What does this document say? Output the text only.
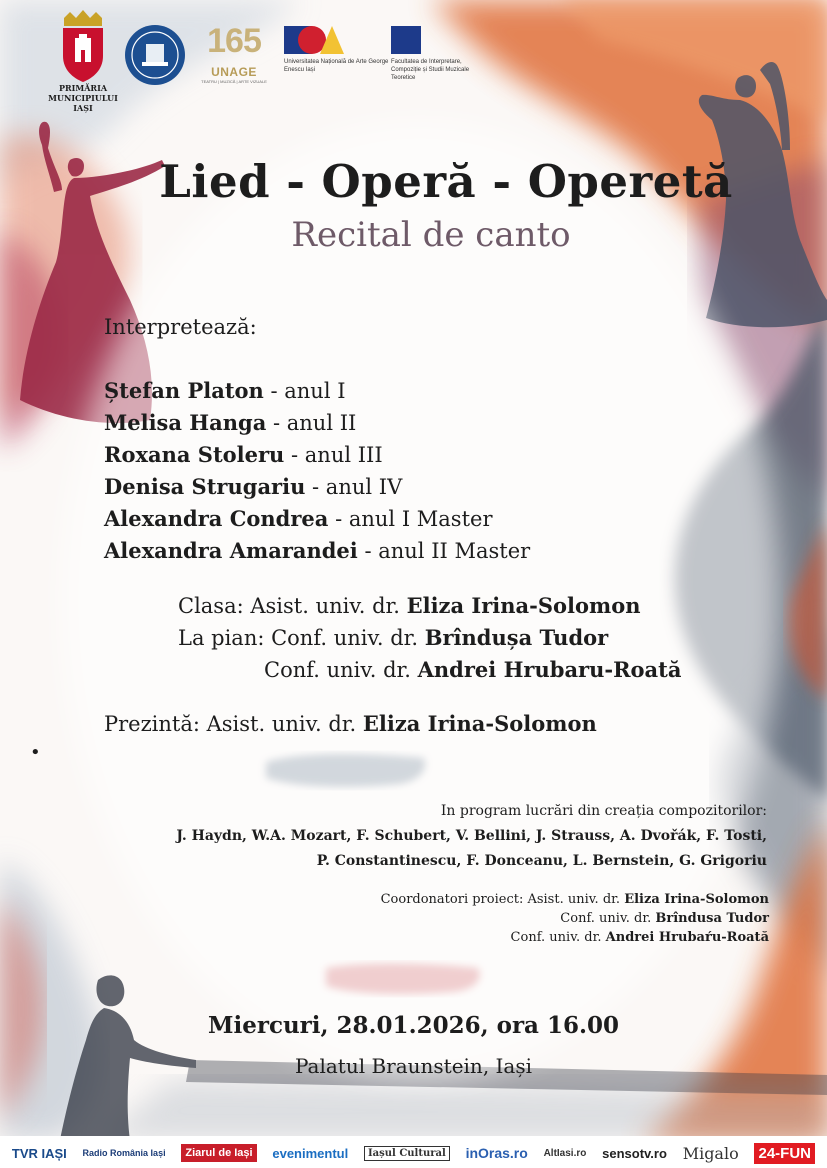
PRIMĂRIA MUNICIPIULUI IAȘI
165
UNAGE
TEATRU | MUZICĂ | ARTE VIZUALE
Universitatea Națională de Arte George Enescu Iași
Facultatea de Interpretare, Compoziție și Studii Muzicale Teoretice
Lied - Operă - Operetă
Recital de canto
Interpretează:
Ștefan Platon - anul I
Melisa Hanga - anul II
Roxana Stoleru - anul III
Denisa Strugariu - anul IV
Alexandra Condrea - anul I Master
Alexandra Amarandei - anul II Master
Clasa: Asist. univ. dr. Eliza Irina-Solomon
La pian: Conf. univ. dr. Brîndușa Tudor
Conf. univ. dr. Andrei Hrubaru-Roată
Prezintă: Asist. univ. dr. Eliza Irina-Solomon
•
In program lucrări din creația compozitorilor:
J. Haydn, W.A. Mozart, F. Schubert, V. Bellini, J. Strauss, A. Dvořák, F. Tosti,
P. Constantinescu, F. Donceanu, L. Bernstein, G. Grigoriu
Coordonatori proiect: Asist. univ. dr. Eliza Irina-Solomon
Conf. univ. dr. Brîndusa Tudor
Conf. univ. dr. Andrei Hrubaŕu-Roată
Miercuri, 28.01.2026, ora 16.00
Palatul Braunstein, Iași
TVR IAȘI Radio România Iași	Ziarul de Iași	evenimentul	Iașul Cultural inOras.ro AltIasi.ro sensotv.ro Migalo 24-FUN
